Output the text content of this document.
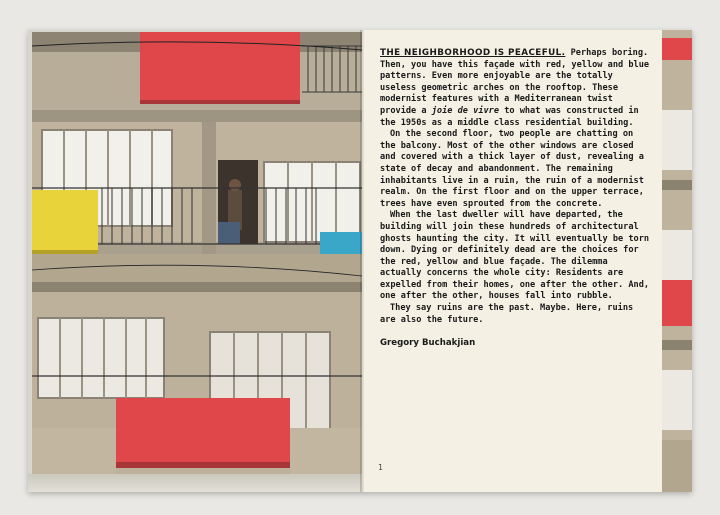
THE NEIGHBORHOOD IS PEACEFUL. Perhaps boring. Then, you have this façade with red, yellow and blue patterns. Even more enjoyable are the totally useless geometric arches on the rooftop. These modernist features with a Mediterranean twist provide a joie de vivre to what was constructed in the 1950s as a middle class residential building.

On the second floor, two people are chatting on the balcony. Most of the other windows are closed and covered with a thick layer of dust, revealing a state of decay and abandonment. The remaining inhabitants live in a ruin, the ruin of a modernist realm. On the first floor and on the upper terrace, trees have even sprouted from the concrete.

When the last dweller will have departed, the building will join these hundreds of architectural ghosts haunting the city. It will eventually be torn down. Dying or definitely dead are the choices for the red, yellow and blue façade. The dilemma actually concerns the whole city: Residents are expelled from their homes, one after the other. And, one after the other, houses fall into rubble.

They say ruins are the past. Maybe. Here, ruins are also the future.

Gregory Buchakjian
1
